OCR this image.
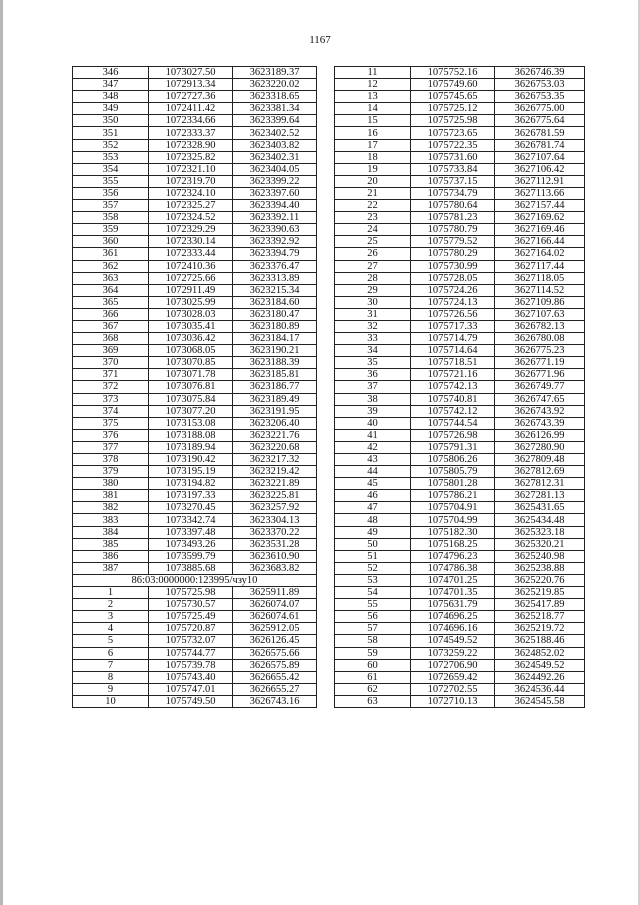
1167
346	1073027.50	3623189.37
347	1072913.34	3623220.02
348	1072727.36	3623318.65
349	1072411.42	3623381.34
350	1072334.66	3623399.64
351	1072333.37	3623402.52
352	1072328.90	3623403.82
353	1072325.82	3623402.31
354	1072321.10	3623404.05
355	1072319.70	3623399.22
356	1072324.10	3623397.60
357	1072325.27	3623394.40
358	1072324.52	3623392.11
359	1072329.29	3623390.63
360	1072330.14	3623392.92
361	1072333.44	3623394.79
362	1072410.36	3623376.47
363	1072725.66	3623313.89
364	1072911.49	3623215.34
365	1073025.99	3623184.60
366	1073028.03	3623180.47
367	1073035.41	3623180.89
368	1073036.42	3623184.17
369	1073068.05	3623190.21
370	1073070.85	3623188.39
371	1073071.78	3623185.81
372	1073076.81	3623186.77
373	1073075.84	3623189.49
374	1073077.20	3623191.95
375	1073153.08	3623206.40
376	1073188.08	3623221.76
377	1073189.94	3623220.68
378	1073190.42	3623217.32
379	1073195.19	3623219.42
380	1073194.82	3623221.89
381	1073197.33	3623225.81
382	1073270.45	3623257.92
383	1073342.74	3623304.13
384	1073397.48	3623370.22
385	1073493.26	3623531.28
386	1073599.79	3623610.90
387	1073885.68	3623683.82
86:03:0000000:123995/чзу10		
1	1075725.98	3625911.89
2	1075730.57	3626074.07
3	1075725.49	3626074.61
4	1075720.87	3625912.05
5	1075732.07	3626126.45
6	1075744.77	3626575.66
7	1075739.78	3626575.89
8	1075743.40	3626655.42
9	1075747.01	3626655.27
10	1075749.50	3626743.16
11	1075752.16	3626746.39
12	1075749.60	3626753.03
13	1075745.65	3626753.35
14	1075725.12	3626775.00
15	1075725.98	3626775.64
16	1075723.65	3626781.59
17	1075722.35	3626781.74
18	1075731.60	3627107.64
19	1075733.84	3627106.42
20	1075737.15	3627112.91
21	1075734.79	3627113.66
22	1075780.64	3627157.44
23	1075781.23	3627169.62
24	1075780.79	3627169.46
25	1075779.52	3627166.44
26	1075780.29	3627164.02
27	1075730.99	3627117.44
28	1075728.05	3627118.05
29	1075724.26	3627114.52
30	1075724.13	3627109.86
31	1075726.56	3627107.63
32	1075717.33	3626782.13
33	1075714.79	3626780.08
34	1075714.64	3626775.23
35	1075718.51	3626771.19
36	1075721.16	3626771.96
37	1075742.13	3626749.77
38	1075740.81	3626747.65
39	1075742.12	3626743.92
40	1075744.54	3626743.39
41	1075726.98	3626126.99
42	1075791.31	3627280.90
43	1075806.26	3627809.48
44	1075805.79	3627812.69
45	1075801.28	3627812.31
46	1075786.21	3627281.13
47	1075704.91	3625431.65
48	1075704.99	3625434.48
49	1075182.30	3625323.18
50	1075168.25	3625320.21
51	1074796.23	3625240.98
52	1074786.38	3625238.88
53	1074701.25	3625220.76
54	1074701.35	3625219.85
55	1075631.79	3625417.89
56	1074696.25	3625218.77
57	1074696.16	3625219.72
58	1074549.52	3625188.46
59	1073259.22	3624852.02
60	1072706.90	3624549.52
61	1072659.42	3624492.26
62	1072702.55	3624536.44
63	1072710.13	3624545.58
